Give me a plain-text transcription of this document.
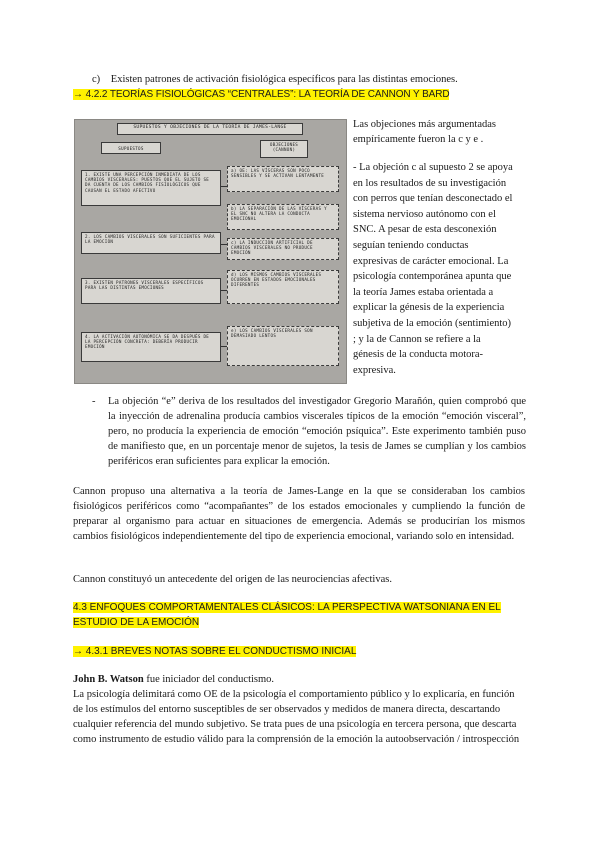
c) Existen patrones de activación fisiológica específicos para las distintas emociones.
→ 4.2.2 TEORÍAS FISIOLÓGICAS “CENTRALES”: LA TEORÍA DE CANNON Y BARD
SUPUESTOS Y OBJECIONES DE LA TEORÍA DE JAMES-LANGE
SUPUESTOS
OBJECIONES (CANNON)
1. EXISTE UNA PERCEPCIÓN INMEDIATA DE LOS CAMBIOS VISCERALES: PUESTOS QUE EL SUJETO SE DA CUENTA DE LOS CAMBIOS FISIOLÓGICOS QUE CAUSAN EL ESTADO AFECTIVO
2. LOS CAMBIOS VISCERALES SON SUFICIENTES PARA LA EMOCIÓN
3. EXISTEN PATRONES VISCERALES ESPECÍFICOS PARA LAS DISTINTAS EMOCIONES
4. LA ACTIVACIÓN AUTONÓMICA SE DA DESPUÉS DE LA PERCEPCIÓN CONCRETA: DEBERÍA PRODUCIR EMOCIÓN
a) OE: LAS VÍSCERAS SON POCO SENSIBLES Y SE ACTIVAN LENTAMENTE
b) LA SEPARACIÓN DE LAS VÍSCERAS Y EL SNC NO ALTERA LA CONDUCTA EMOCIONAL
c) LA INDUCCIÓN ARTIFICIAL DE CAMBIOS VISCERALES NO PRODUCE EMOCIÓN
d) LOS MISMOS CAMBIOS VISCERALES OCURREN EN ESTADOS EMOCIONALES DIFERENTES
e) LOS CAMBIOS VISCERALES SON DEMASIADO LENTOS

Las objeciones más argumentadas empíricamente fueron la c y e .

- La objeción c al supuesto 2 se apoya en los resultados de su investigación con perros que tenían desconectado el sistema nervioso autónomo con el SNC. A pesar de esta desconexión seguían teniendo conductas expresivas de carácter emocional. La psicología contemporánea apunta que la teoría James estaba orientada a explicar la génesis de la experiencia subjetiva de la emoción (sentimiento) ; y la de Cannon se refiere a la génesis de la conducta motora- expresiva.

- La objeción “e” deriva de los resultados del investigador Gregorio Marañón, quien comprobó que la inyección de adrenalina producía cambios viscerales típicos de la emoción “emoción visceral”, pero, no producía la experiencia de emoción “emoción psíquica”. Este experimento también puso de manifiesto que, en un porcentaje menor de sujetos, la tesis de James se cumplían y los cambios periféricos eran suficientes para explicar la emoción.

Cannon propuso una alternativa a la teoría de James-Lange en la que se consideraban los cambios fisiológicos periféricos como “acompañantes” de los estados emocionales y cumpliendo la función de preparar al organismo para actuar en situaciones de emergencia. Además se producirían los mismos cambios fisiológicos independientemente del tipo de experiencia emocional, variando solo en intensidad.

Cannon constituyó un antecedente del origen de las neurociencias afectivas.

4.3 ENFOQUES COMPORTAMENTALES CLÁSICOS: LA PERSPECTIVA WATSONIANA EN EL ESTUDIO DE LA EMOCIÓN
→ 4.3.1 BREVES NOTAS SOBRE EL CONDUCTISMO INICIAL
John B. Watson fue iniciador del conductismo.

La psicología delimitará como OE de la psicología el comportamiento público y lo explicaría, en función de los estímulos del entorno susceptibles de ser observados y medidos de manera directa, descartando cualquier referencia del mundo subjetivo. Se trata pues de una psicología en tercera persona, que descarta como instrumento de estudio válido para la comprensión de la emoción la autoobservación / introspección
